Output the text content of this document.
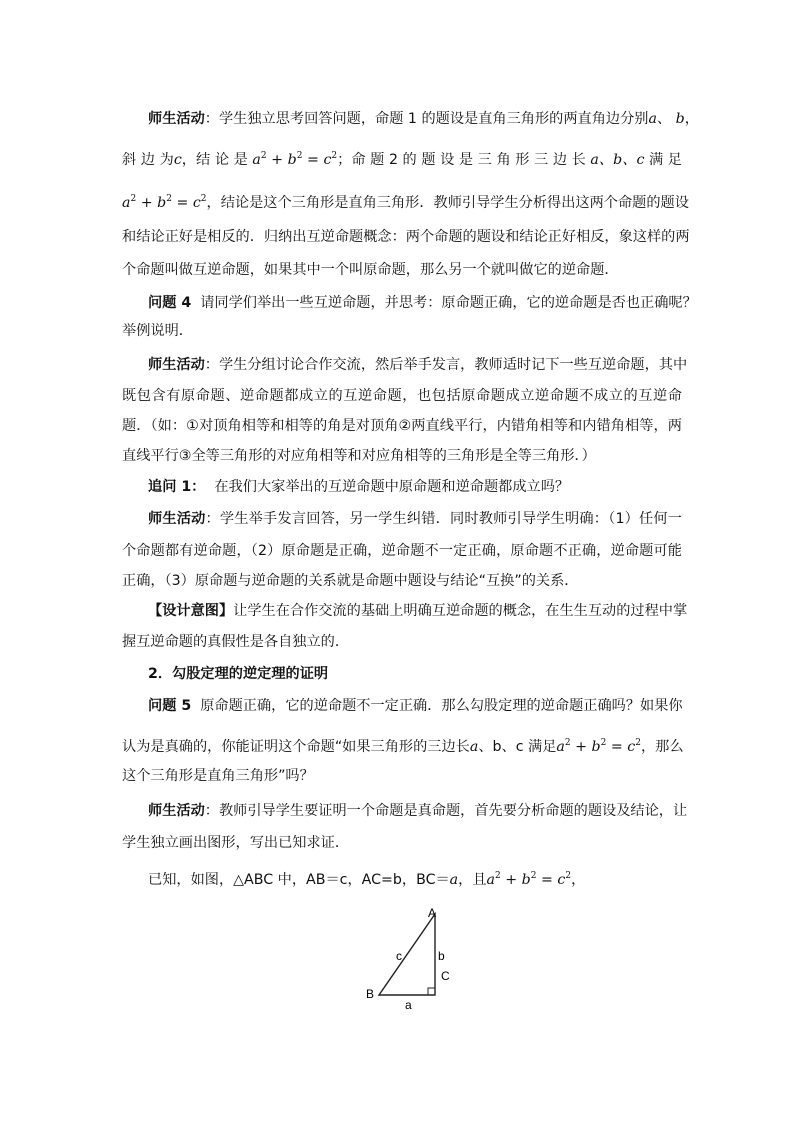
师生活动：学生独立思考回答问题，命题 1 的题设是直角三角形的两直角边分别a、 b，
斜 边 为c，结 论 是 $a^2 + b^2 = c^2$；命 题 2 的 题 设 是 三 角 形 三 边 长 a、b、c 满 足
$a^2 + b^2 = c^2$，结论是这个三角形是直角三角形．教师引导学生分析得出这两个命题的题设
和结论正好是相反的．归纳出互逆命题概念：两个命题的题设和结论正好相反，象这样的两
个命题叫做互逆命题，如果其中一个叫原命题，那么另一个就叫做它的逆命题．
问题 4 请同学们举出一些互逆命题，并思考：原命题正确，它的逆命题是否也正确呢？
举例说明．
师生活动：学生分组讨论合作交流，然后举手发言，教师适时记下一些互逆命题，其中
既包含有原命题、逆命题都成立的互逆命题，也包括原命题成立逆命题不成立的互逆命
题．（如：①对顶角相等和相等的角是对顶角②两直线平行，内错角相等和内错角相等，两
直线平行③全等三角形的对应角相等和对应角相等的三角形是全等三角形．）
追问 1： 在我们大家举出的互逆命题中原命题和逆命题都成立吗？
师生活动：学生举手发言回答，另一学生纠错．同时教师引导学生明确：（1）任何一
个命题都有逆命题，（2）原命题是正确，逆命题不一定正确，原命题不正确，逆命题可能
正确，（3）原命题与逆命题的关系就是命题中题设与结论“互换”的关系．
【设计意图】让学生在合作交流的基础上明确互逆命题的概念，在生生互动的过程中掌
握互逆命题的真假性是各自独立的．
2．勾股定理的逆定理的证明
问题 5 原命题正确，它的逆命题不一定正确．那么勾股定理的逆命题正确吗？如果你
认为是真确的，你能证明这个命题“如果三角形的三边长a、b、c 满足$a^2 + b^2 = c^2$，那么
这个三角形是直角三角形”吗？
师生活动：教师引导学生要证明一个命题是真命题，首先要分析命题的题设及结论，让
学生独立画出图形，写出已知求证．
已知，如图，△ABC 中，AB＝c，AC=b，BC＝a，且$a^2 + b^2 = c^2$，
A
B
C
b
c
a
